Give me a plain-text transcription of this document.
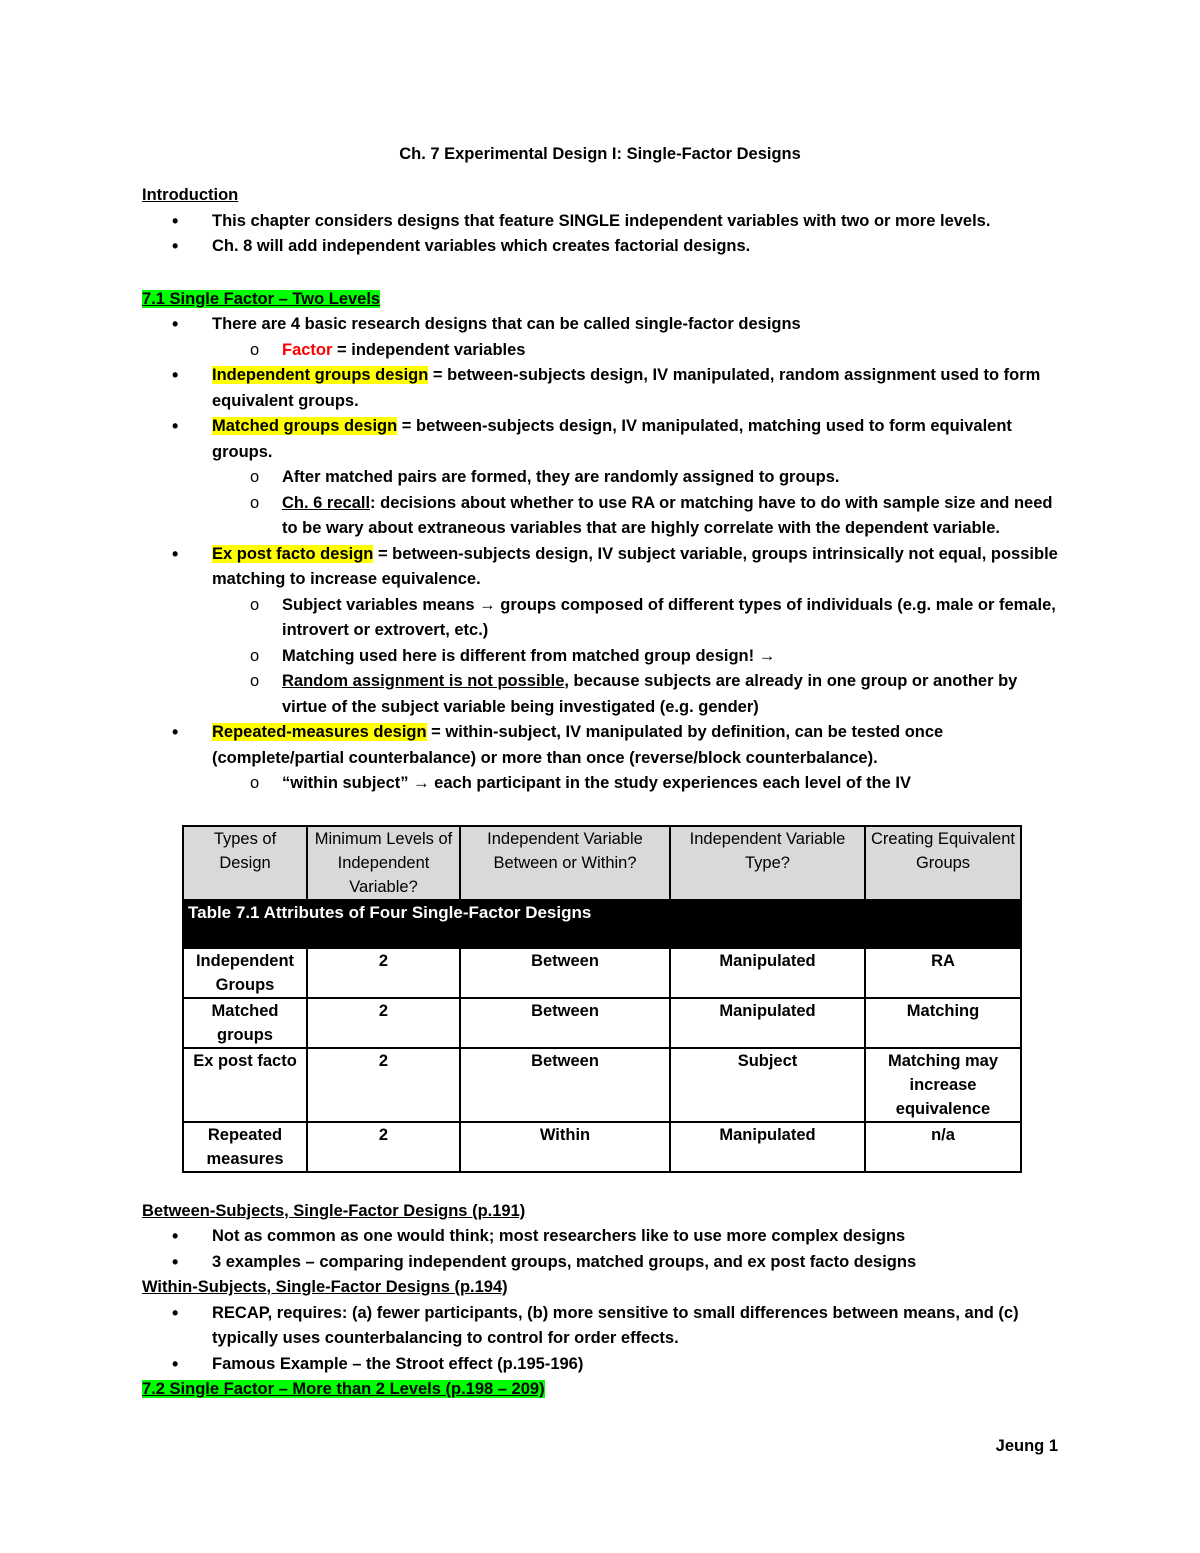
Ch. 7 Experimental Design I: Single-Factor Designs
Introduction
• This chapter considers designs that feature SINGLE independent variables with two or more levels.
• Ch. 8 will add independent variables which creates factorial designs.
7.1 Single Factor – Two Levels
• There are 4 basic research designs that can be called single-factor designs
o Factor = independent variables
• Independent groups design = between-subjects design, IV manipulated, random assignment used to form equivalent groups.
• Matched groups design = between-subjects design, IV manipulated, matching used to form equivalent groups.
o After matched pairs are formed, they are randomly assigned to groups.
o Ch. 6 recall: decisions about whether to use RA or matching have to do with sample size and need to be wary about extraneous variables that are highly correlate with the dependent variable.
• Ex post facto design = between-subjects design, IV subject variable, groups intrinsically not equal, possible matching to increase equivalence.
o Subject variables means → groups composed of different types of individuals (e.g. male or female, introvert or extrovert, etc.)
o Matching used here is different from matched group design! →
o Random assignment is not possible, because subjects are already in one group or another by virtue of the subject variable being investigated (e.g. gender)
• Repeated-measures design = within-subject, IV manipulated by definition, can be tested once (complete/partial counterbalance) or more than once (reverse/block counterbalance).
o “within subject” → each participant in the study experiences each level of the IV
Table 7.1 Attributes of Four Single-Factor Designs				
Types of Design	Minimum Levels of Independent Variable?	Independent Variable Between or Within?	Independent Variable Type?	Creating Equivalent Groups
Independent Groups	2	Between	Manipulated	RA
Matched groups	2	Between	Manipulated	Matching
Ex post facto	2	Between	Subject	Matching may increase equivalence
Repeated measures	2	Within	Manipulated	n/a
Between-Subjects, Single-Factor Designs (p.191)
• Not as common as one would think; most researchers like to use more complex designs
• 3 examples – comparing independent groups, matched groups, and ex post facto designs
Within-Subjects, Single-Factor Designs (p.194)
• RECAP, requires: (a) fewer participants, (b) more sensitive to small differences between means, and (c) typically uses counterbalancing to control for order effects.
• Famous Example – the Stroot effect (p.195-196)
7.2 Single Factor – More than 2 Levels (p.198 – 209)
Jeung 1
